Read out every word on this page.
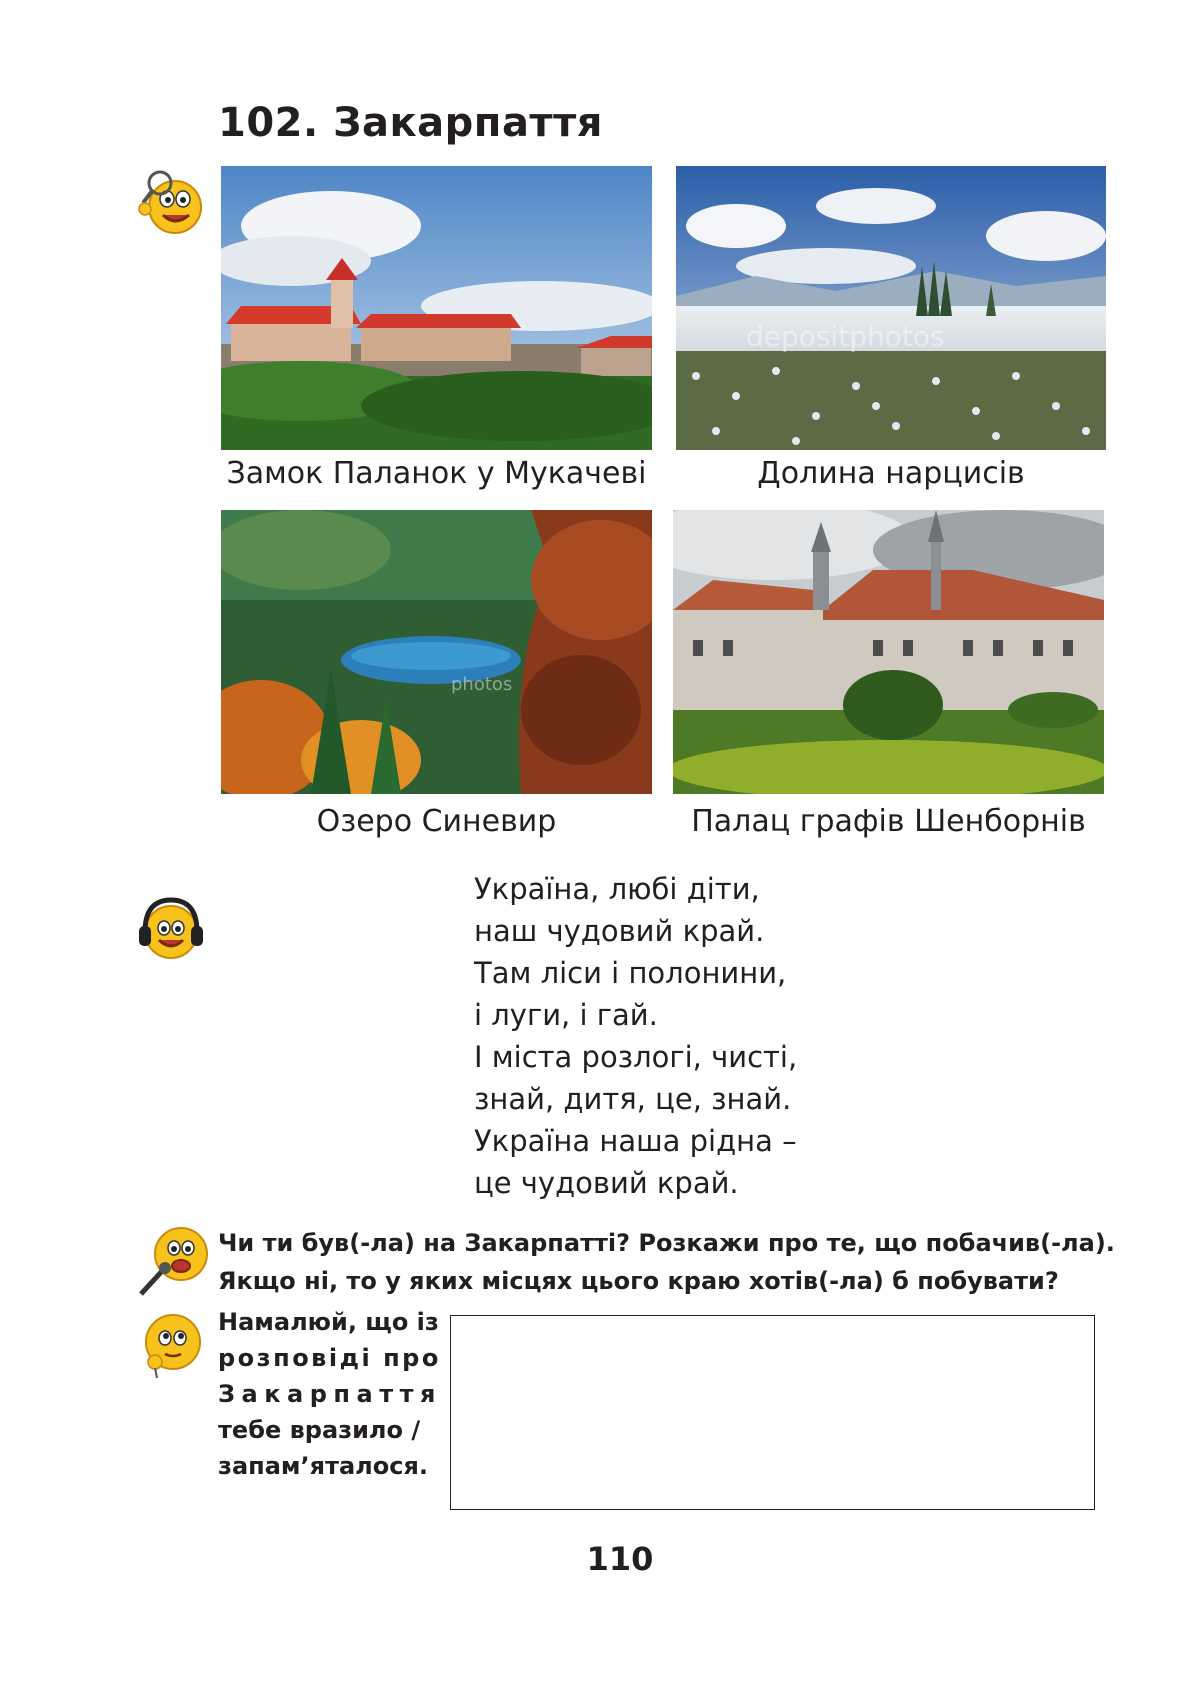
102. Закарпаття
depositphotos
Замок Паланок у Мукачеві	Долина нарцисів
photos
Озеро Синевир	Палац графів Шенборнів
Україна, любі діти,
наш чудовий край.
Там ліси і полонини,
і луги, і гай.
І міста розлогі, чисті,
знай, дитя, це, знай.
Україна наша рідна –
це чудовий край.
Чи ти був(-ла) на Закарпатті? Розкажи про те, що побачив(-ла).
Якщо ні, то у яких місцях цього краю хотів(-ла) б побувати?
Намалюй, що із
розповіді про
Закарпаття
тебе вразило /
запам’яталося.
110
